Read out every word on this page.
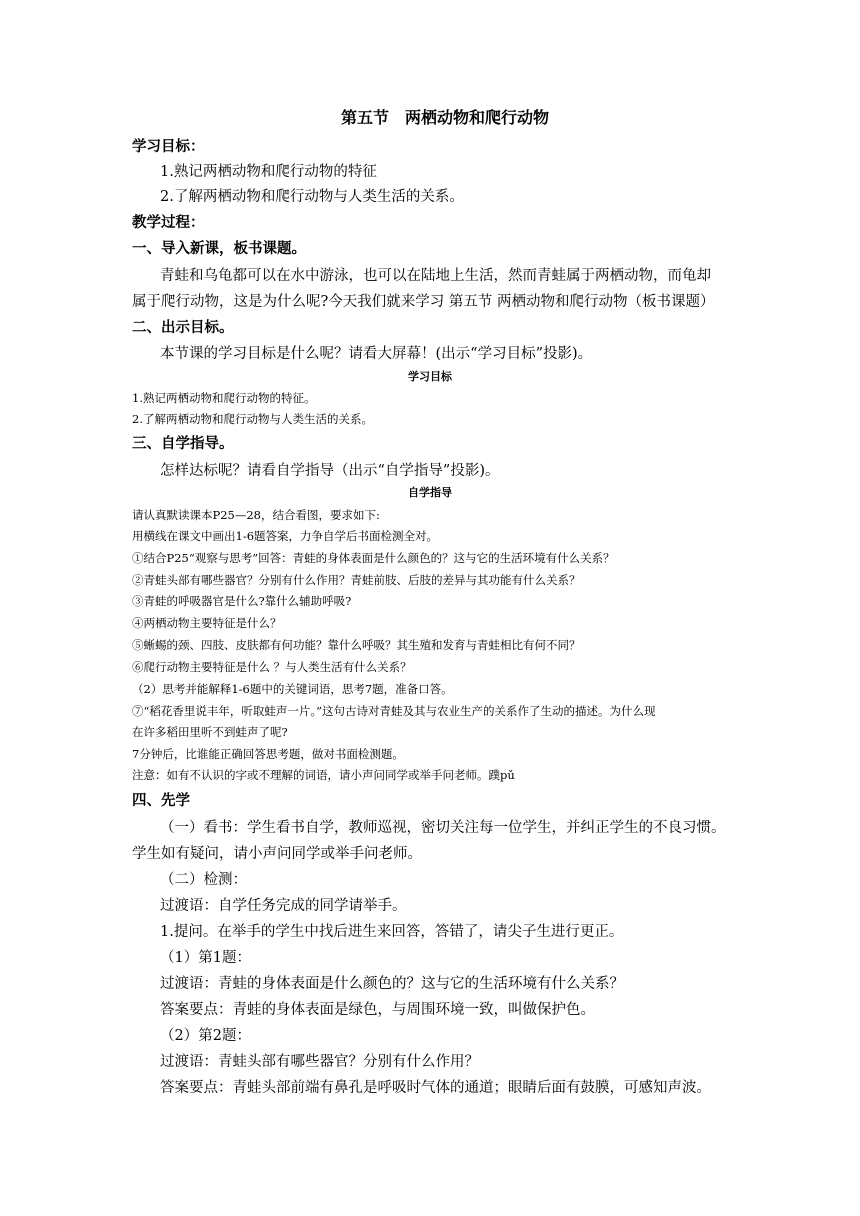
第五节　两栖动物和爬行动物
学习目标：
1.熟记两栖动物和爬行动物的特征
2.了解两栖动物和爬行动物与人类生活的关系。
教学过程：
一、导入新课，板书课题。
青蛙和乌龟都可以在水中游泳，也可以在陆地上生活，然而青蛙属于两栖动物，而龟却
属于爬行动物，这是为什么呢?今天我们就来学习 第五节 两栖动物和爬行动物（板书课题）
二、出示目标。
本节课的学习目标是什么呢？请看大屏幕！(出示“学习目标”投影)。
学习目标
1.熟记两栖动物和爬行动物的特征。
2.了解两栖动物和爬行动物与人类生活的关系。
三、自学指导。
怎样达标呢？请看自学指导（出示“自学指导”投影)。
自学指导
请认真默读课本P25—28，结合看图，要求如下:
用横线在课文中画出1-6题答案，力争自学后书面检测全对。
①结合P25“观察与思考”回答：青蛙的身体表面是什么颜色的？这与它的生活环境有什么关系？
②青蛙头部有哪些器官？分别有什么作用？青蛙前肢、后肢的差异与其功能有什么关系？
③青蛙的呼吸器官是什么?靠什么辅助呼吸?
④两栖动物主要特征是什么？
⑤蜥蜴的颈、四肢、皮肤都有何功能？靠什么呼吸？其生殖和发育与青蛙相比有何不同？
⑥爬行动物主要特征是什么 ？与人类生活有什么关系？
（2）思考并能解释1-6题中的关键词语，思考7题，准备口答。
⑦“稻花香里说丰年，听取蛙声一片。”这句古诗对青蛙及其与农业生产的关系作了生动的描述。为什么现
在许多稻田里听不到蛙声了呢?
7分钟后，比谁能正确回答思考题，做对书面检测题。
注意：如有不认识的字或不理解的词语，请小声问同学或举手问老师。蹼pǔ
四、先学
（一）看书：学生看书自学，教师巡视，密切关注每一位学生，并纠正学生的不良习惯。
学生如有疑问，请小声问同学或举手问老师。
（二）检测：
过渡语：自学任务完成的同学请举手。
1.提问。在举手的学生中找后进生来回答，答错了，请尖子生进行更正。
（1）第1题：
过渡语：青蛙的身体表面是什么颜色的？这与它的生活环境有什么关系？
答案要点：青蛙的身体表面是绿色，与周围环境一致，叫做保护色。
（2）第2题：
过渡语：青蛙头部有哪些器官？分别有什么作用？
答案要点：青蛙头部前端有鼻孔是呼吸时气体的通道；眼睛后面有鼓膜，可感知声波。
